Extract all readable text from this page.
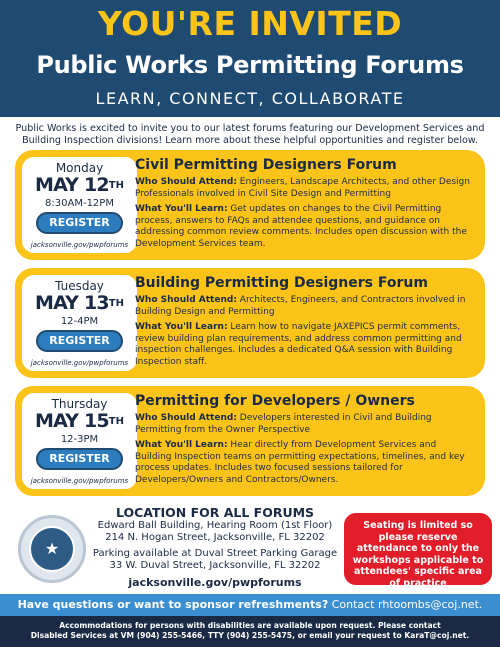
YOU'RE INVITED
Public Works Permitting Forums
LEARN, CONNECT, COLLABORATE
Public Works is excited to invite you to our latest forums featuring our Development Services and Building Inspection divisions! Learn more about these helpful opportunities and register below.
Monday
MAY 12TH
8:30AM-12PM
REGISTER
jacksonville.gov/pwpforums
Civil Permitting Designers Forum
Who Should Attend: Engineers, Landscape Architects, and other Design Professionals involved in Civil Site Design and Permitting
What You'll Learn: Get updates on changes to the Civil Permitting process, answers to FAQs and attendee questions, and guidance on addressing common review comments. Includes open discussion with the Development Services team.
Tuesday
MAY 13TH
12-4PM
REGISTER
jacksonville.gov/pwpforums
Building Permitting Designers Forum
Who Should Attend: Architects, Engineers, and Contractors involved in Building Design and Permitting
What You'll Learn: Learn how to navigate JAXEPICS permit comments, review building plan requirements, and address common permitting and inspection challenges. Includes a dedicated Q&A session with Building Inspection staff.
Thursday
MAY 15TH
12-3PM
REGISTER
jacksonville.gov/pwpforums
Permitting for Developers / Owners
Who Should Attend: Developers interested in Civil and Building Permitting from the Owner Perspective
What You'll Learn: Hear directly from Development Services and Building Inspection teams on permitting expectations, timelines, and key process updates. Includes two focused sessions tailored for Developers/Owners and Contractors/Owners.
★
LOCATION FOR ALL FORUMS
Edward Ball Building, Hearing Room (1st Floor)
214 N. Hogan Street, Jacksonville, FL 32202
Parking available at Duval Street Parking Garage
33 W. Duval Street, Jacksonville, FL 32202
jacksonville.gov/pwpforums
Seating is limited so please reserve attendance to only the workshops applicable to attendees' specific area of practice
Have questions or want to sponsor refreshments? Contact rhtoombs@coj.net.
Accommodations for persons with disabilities are available upon request. Please contact
Disabled Services at VM (904) 255-5466, TTY (904) 255-5475, or email your request to KaraT@coj.net.
